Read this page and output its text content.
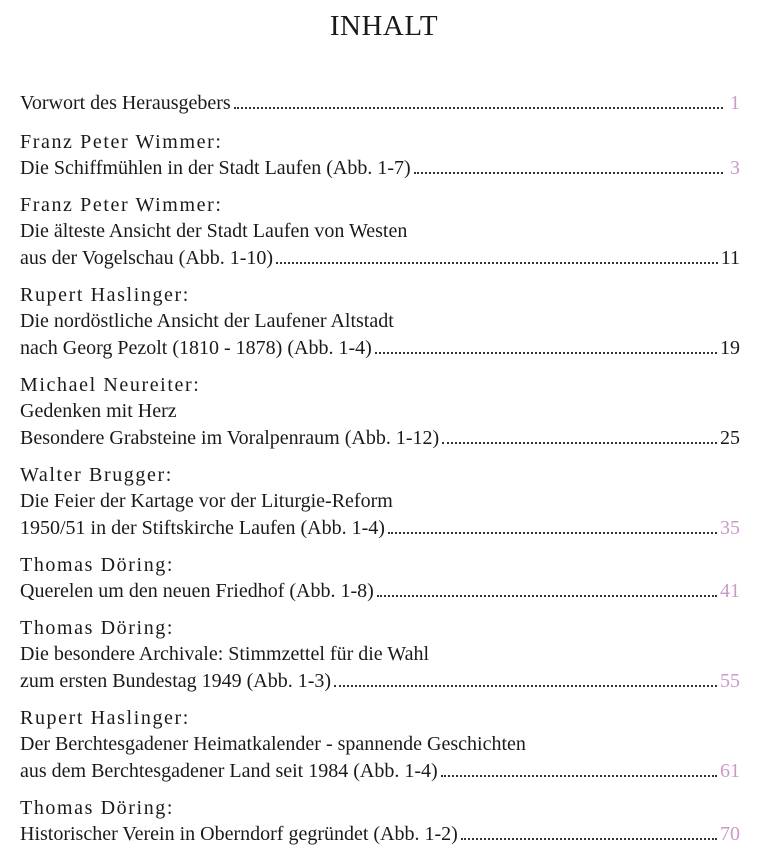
INHALT
Vorwort des Herausgebers	1
Franz Peter Wimmer:
Die Schiffmühlen in der Stadt Laufen (Abb. 1-7)	3
Franz Peter Wimmer:
Die älteste Ansicht der Stadt Laufen von Westen
aus der Vogelschau (Abb. 1-10)	11
Rupert Haslinger:
Die nordöstliche Ansicht der Laufener Altstadt
nach Georg Pezolt (1810 - 1878) (Abb. 1-4)	19
Michael Neureiter:
Gedenken mit Herz
Besondere Grabsteine im Voralpenraum (Abb. 1-12)	25
Walter Brugger:
Die Feier der Kartage vor der Liturgie-Reform
1950/51 in der Stiftskirche Laufen (Abb. 1-4)	35
Thomas Döring:
Querelen um den neuen Friedhof (Abb. 1-8)	41
Thomas Döring:
Die besondere Archivale: Stimmzettel für die Wahl
zum ersten Bundestag 1949 (Abb. 1-3)	55
Rupert Haslinger:
Der Berchtesgadener Heimatkalender - spannende Geschichten
aus dem Berchtesgadener Land seit 1984 (Abb. 1-4)	61
Thomas Döring:
Historischer Verein in Oberndorf gegründet (Abb. 1-2)	70
